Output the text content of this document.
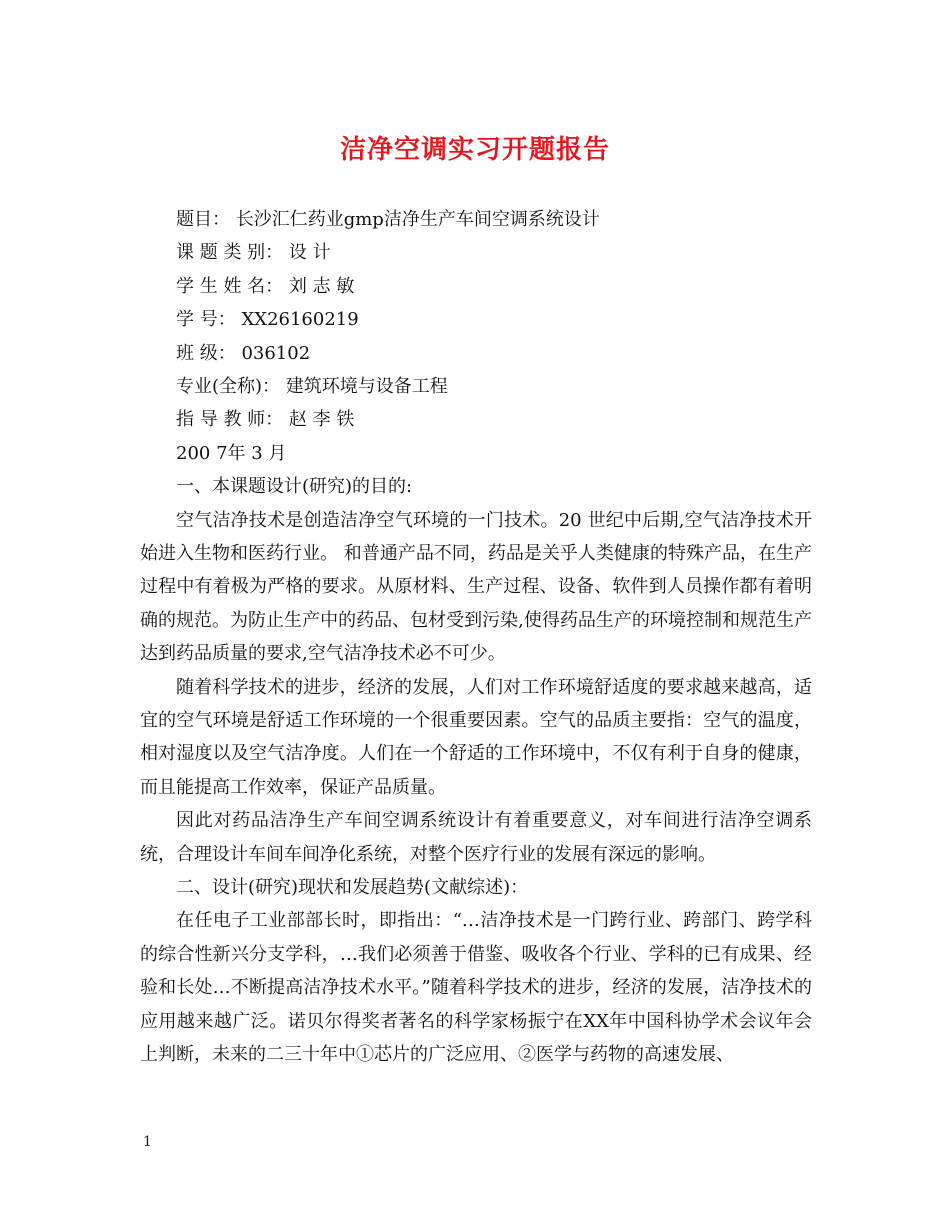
洁净空调实习开题报告
题目： 长沙汇仁药业gmp洁净生产车间空调系统设计
课 题 类 别： 设 计
学 生 姓 名： 刘 志 敏
学 号： XX26160219
班 级： 036102
专业(全称)： 建筑环境与设备工程
指 导 教 师： 赵 李 铁
200 7年 3 月
一、本课题设计(研究)的目的:

空气洁净技术是创造洁净空气环境的一门技术。20 世纪中后期,空气洁净技术开始进入生物和医药行业。 和普通产品不同，药品是关乎人类健康的特殊产品，在生产过程中有着极为严格的要求。从原材料、生产过程、设备、软件到人员操作都有着明确的规范。为防止生产中的药品、包材受到污染,使得药品生产的环境控制和规范生产达到药品质量的要求,空气洁净技术必不可少。

随着科学技术的进步，经济的发展，人们对工作环境舒适度的要求越来越高，适宜的空气环境是舒适工作环境的一个很重要因素。空气的品质主要指：空气的温度，相对湿度以及空气洁净度。人们在一个舒适的工作环境中，不仅有利于自身的健康，而且能提高工作效率，保证产品质量。

因此对药品洁净生产车间空调系统设计有着重要意义，对车间进行洁净空调系统，合理设计车间车间净化系统，对整个医疗行业的发展有深远的影响。

二、设计(研究)现状和发展趋势(文献综述)：

在任电子工业部部长时，即指出：“…洁净技术是一门跨行业、跨部门、跨学科的综合性新兴分支学科，…我们必须善于借鉴、吸收各个行业、学科的已有成果、经验和长处…不断提高洁净技术水平。”随着科学技术的进步，经济的发展，洁净技术的应用越来越广泛。诺贝尔得奖者著名的科学家杨振宁在XX年中国科协学术会议年会上判断，未来的二三十年中①芯片的广泛应用、②医学与药物的高速发展、

1
